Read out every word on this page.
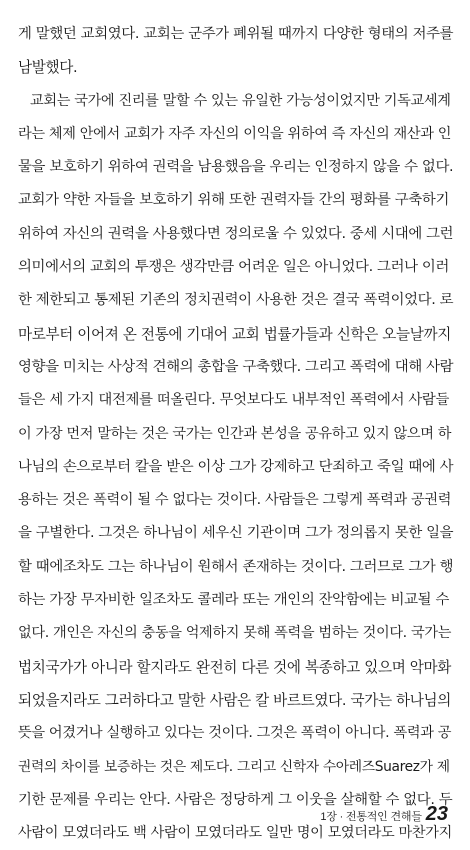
게 말했던 교회였다. 교회는 군주가 폐위될 때까지 다양한 형태의 저주를
남발했다.
교회는 국가에 진리를 말할 수 있는 유일한 가능성이었지만 기독교세계
라는 체제 안에서 교회가 자주 자신의 이익을 위하여 즉 자신의 재산과 인
물을 보호하기 위하여 권력을 남용했음을 우리는 인정하지 않을 수 없다.
교회가 약한 자들을 보호하기 위해 또한 권력자들 간의 평화를 구축하기
위하여 자신의 권력을 사용했다면 정의로울 수 있었다. 중세 시대에 그런
의미에서의 교회의 투쟁은 생각만큼 어려운 일은 아니었다. 그러나 이러
한 제한되고 통제된 기존의 정치권력이 사용한 것은 결국 폭력이었다. 로
마로부터 이어져 온 전통에 기대어 교회 법률가들과 신학은 오늘날까지
영향을 미치는 사상적 견해의 총합을 구축했다. 그리고 폭력에 대해 사람
들은 세 가지 대전제를 떠올린다. 무엇보다도 내부적인 폭력에서 사람들
이 가장 먼저 말하는 것은 국가는 인간과 본성을 공유하고 있지 않으며 하
나님의 손으로부터 칼을 받은 이상 그가 강제하고 단죄하고 죽일 때에 사
용하는 것은 폭력이 될 수 없다는 것이다. 사람들은 그렇게 폭력과 공권력
을 구별한다. 그것은 하나님이 세우신 기관이며 그가 정의롭지 못한 일을
할 때에조차도 그는 하나님이 원해서 존재하는 것이다. 그러므로 그가 행
하는 가장 무자비한 일조차도 콜레라 또는 개인의 잔악함에는 비교될 수
없다. 개인은 자신의 충동을 억제하지 못해 폭력을 범하는 것이다. 국가는
법치국가가 아니라 할지라도 완전히 다른 것에 복종하고 있으며 악마화
되었을지라도 그러하다고 말한 사람은 칼 바르트였다. 국가는 하나님의
뜻을 어겼거나 실행하고 있다는 것이다. 그것은 폭력이 아니다. 폭력과 공
권력의 차이를 보증하는 것은 제도다. 그리고 신학자 수아레즈Suarez가 제
기한 문제를 우리는 안다. 사람은 정당하게 그 이웃을 살해할 수 없다. 두
사람이 모였더라도 백 사람이 모였더라도 일만 명이 모였더라도 마찬가지
1장 · 전통적인 견해들 23
